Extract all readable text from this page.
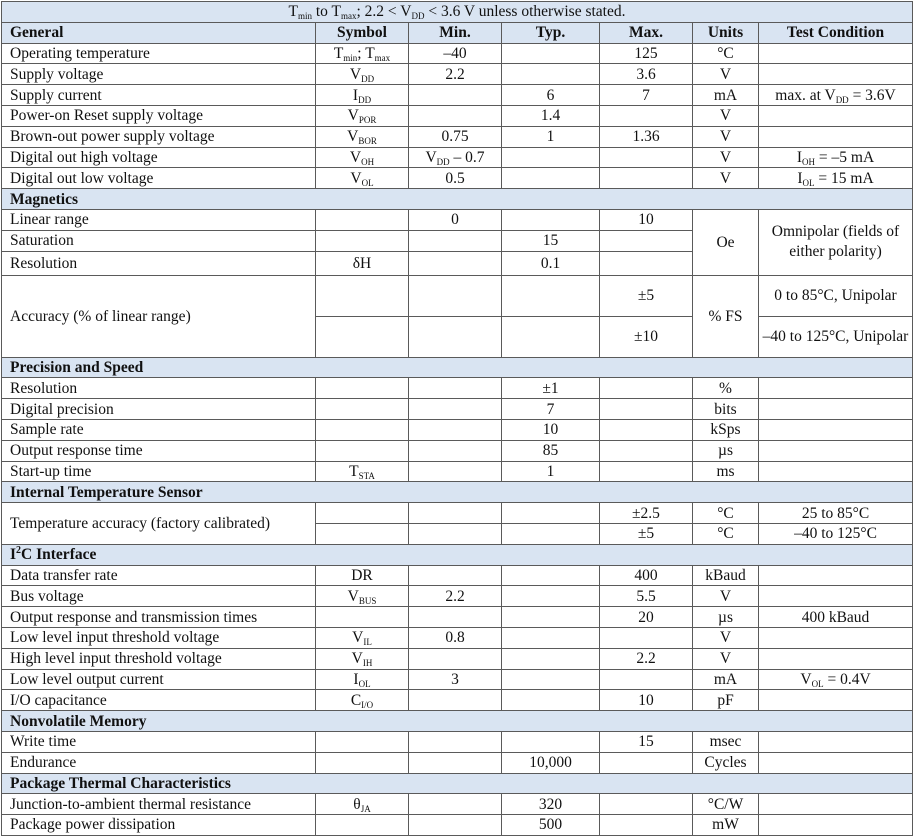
$T_{min}$ to $T_{max}$; $2.2 < V_{DD} < 3.6$ V unless otherwise stated.						
General	Symbol	Min.	Typ.	Max.	Units	Test Condition
Operating temperature	$T_{min}$; $T_{max}$	–40		125	°C	
Supply voltage	$V_{DD}$	2.2		3.6	V	
Supply current	$I_{DD}$		6	7	mA	max. at $V_{DD} = 3.6V$
Power-on Reset supply voltage	$V_{POR}$		1.4		V	
Brown-out power supply voltage	$V_{BOR}$	0.75	1	1.36	V	
Digital out high voltage	$V_{OH}$	$V_{DD} - 0.7$			V	$I_{OH} = -5$ mA
Digital out low voltage	$V_{OL}$	0.5			V	$I_{OL} = 15$ mA
Magnetics						
Linear range		0		10	Oe	Omnipolar (fields of either polarity)
Saturation			15			
Resolution	δH		0.1			
Accuracy (% of linear range)				±5	% FS	0 to 85°C, Unipolar
				±10		–40 to 125°C, Unipolar
Precision and Speed						
Resolution			±1		%	
Digital precision			7		bits	
Sample rate			10		kSps	
Output response time			85		µs	
Start-up time	$T_{STA}$		1		ms	
Internal Temperature Sensor						
Temperature accuracy (factory calibrated)				±2.5	°C	25 to 85°C
				±5	°C	–40 to 125°C
$I^2C$ Interface						
Data transfer rate	DR			400	kBaud	
Bus voltage	$V_{BUS}$	2.2		5.5	V	
Output response and transmission times				20	µs	400 kBaud
Low level input threshold voltage	$V_{IL}$	0.8			V	
High level input threshold voltage	$V_{IH}$			2.2	V	
Low level output current	$I_{OL}$	3			mA	$V_{OL} = 0.4V$
I/O capacitance	$C_{I/O}$			10	pF	
Nonvolatile Memory						
Write time				15	msec	
Endurance			10,000		Cycles	
Package Thermal Characteristics						
Junction-to-ambient thermal resistance	$\theta_{JA}$		320		°C/W	
Package power dissipation			500		mW	
